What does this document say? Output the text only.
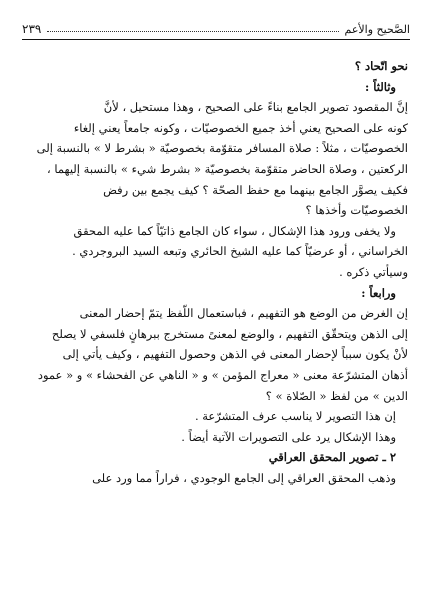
الصَّحيح والأعم
٢٣٩

نحو اتّحاد ؟

وثالثاً :

إنَّ المقصود تصوير الجامع بناءً على الصحيح ، وهذا مستحيل ، لأنَّ

كونه على الصحيح يعني أخذ جميع الخصوصيّات ، وكونه جامعاً يعني إلغاء

الخصوصيّات ، مثلاً : صلاة المسافر متقوّمة بخصوصيّة « بشرط لا » بالنسبة إلى

الركعتين ، وصلاة الحاضر متقوّمة بخصوصيّة « بشرط شيء » بالنسبة إليهما ،

فكيف يصوَّر الجامع بينهما مع حفظ الصحّة ؟ كيف يجمع بين رفض

الخصوصيّات وأخذها ؟

ولا يخفى ورود هذا الإشكال ، سواء كان الجامع ذاتيّاً كما عليه المحقق

الخراساني ، أو عرضيّاً كما عليه الشيخ الحائري وتبعه السيد البروجردي .

وسيأتي ذكره .

ورابعاً :

إن الغرض من الوضع هو التفهيم ، فباستعمال اللّفظ يتمّ إحضار المعنى

إلى الذهن ويتحقّق التفهيم ، والوضع لمعنىً مستخرج ببرهانٍ فلسفي لا يصلح

لأنْ يكون سبباً لإحضار المعنى في الذهن وحصول التفهيم ، وكيف يأتي إلى

أذهان المتشرّعة معنى « معراج المؤمن » و « الناهي عن الفحشاء » و « عمود

الدين » من لفظ « الصّلاة » ؟

إن هذا التصوير لا يناسب عرف المتشرّعة .

وهذا الإشكال يرد على التصويرات الآتية أيضاً .

٢ ـ تصوير المحقق العراقي

وذهب المحقق العراقي إلى الجامع الوجودي ، فراراً مما ورد على
